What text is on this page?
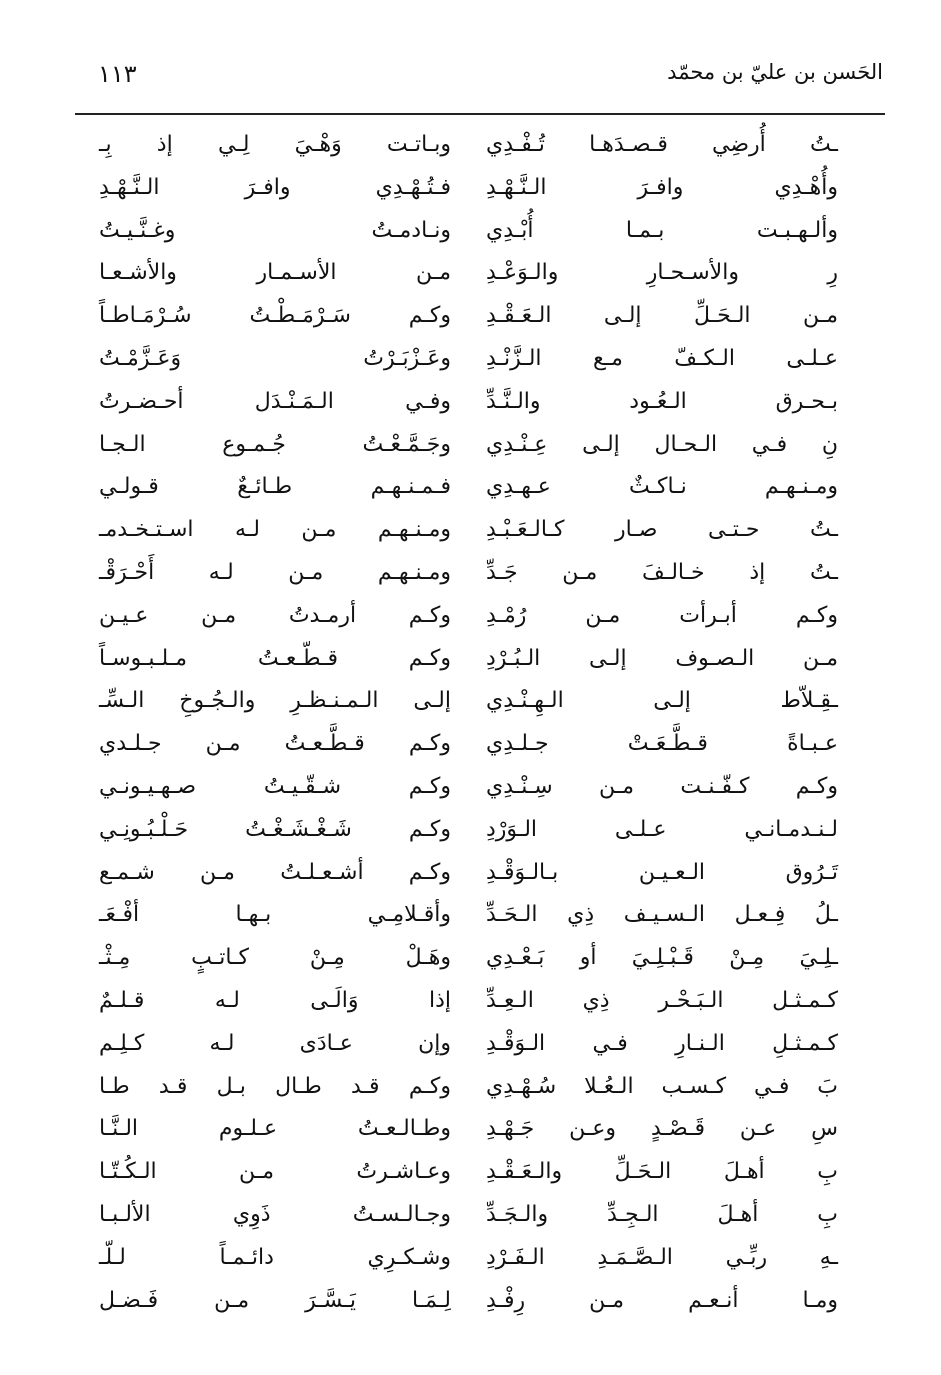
١١٣	الحَسن بن عليّ بن محمّد
وبـاتـت وَهْـيَ لِـي إذ بِـ ـتُ أُرضِي قـصـدَهـا تُـفْـدِي
فـتُـهْـدِي وافـرَ الـنَّـهْـدِ وأُهْـدِي وافـرَ الـنَّـهْـدِ
ونـادمـتُ وغـنَّـيـتُ وألـهـبـت بـمـا أُبْـدِي
مـن الأسـمـار والأشـعـا رِ والأسـحـارِ والـوَعْـدِ
وكـم سَـرْمَـطْـتُ سُـرْمَـاطـاً مـن الـحَـلِّ إلـى الـعَـقْـدِ
وعَـزْبَـرْتُ وَعَـزَّمْـتُ عـلـى الـكـفّ مـع الـزَّنْـدِ
وفـي الـمَـنْـدَل أحـضـرتُ بـحـرق الـعُـود والـنَّـدِّ
وجَـمَّـعْـتُ جُـمـوع الـجـا نِ فـي الـحـال إلـى عِـنْـدِي
فـمـنـهـم طـائـعٌ قـولـي ومـنـهـم نـاكـثٌ عـهـدِي
ومـنـهـم مـن لـه اسـتـخـدمـ ـتُ حـتـى صـار كـالـعَـبْـدِ
ومـنـهـم مـن لـه أَحْـرَقْـ ـتُ إذ خـالـفَ مـن جَـدِّ
وكـم أرمـدتُ مـن عـيـن وكـم أبـرأت مـن رُمْـدِ
وكـم قـطّـعـتُ مـلـبـوسـاً مـن الـصـوف إلـى الـبُـرْدِ
إلـى الـمـنـظـرِ والـجُـوخِ الـسِّـ ـقِـلاّط إلـى الـهِـنْـدِي
وكـم قـطَّـعـتُ مـن جـلـدي عـبـاةً قـطَّـعَـتْ جـلـدِي
وكـم شـقّـيـتُ صـهـيـونـي وكـم كـفّـنـت مـن سِـنْـدِي
وكـم شَـغْـشَـغْـتُ حَـلْـبُـونِـي لـنـدمـانـي عـلـى الـوَرْدِ
وكـم أشـعـلـتُ مـن شـمـع تَـرُوق الـعـيـن بـالـوَقْـدِ
وأقـلامِـي بـهـا أفْـعَـ ـلُ فِـعـل الـسـيـف ذِي الـحَـدِّ
وهَـلْ مِـنْ كـاتـبٍ مِـثْـ ـلِـيَ مِـنْ قَـبْـلِـيَ أو بَـعْـدِي
إذا وَالَـى لـه قـلـمٌ كـمـثـل الـبَـحْـر ذِي الـعِـدِّ
وإن عـادَى لـه كـلِـم كـمـثـلِ الـنـارِ فـي الـوَقْـدِ
وكـم قـد طـال بـل قـد طـا بَ فـي كـسـب الـعُـلا سُـهْـدِي
وطـالـعـتُ عـلـوم الـنَّـا سِ عـن قَـصْـدٍ وعـن جَـهْـدِ
وعـاشـرتُ مـن الـكُـتّـا بِ أهـلَ الـحَـلِّ والـعَـقْـدِ
وجـالـسـتُ ذَوِي الألـبـا بِ أهـلَ الـجِـدِّ والـجَـدِّ
وشـكـرِي دائـمـاً لـلّـ ـهِ ربِّـي الـصَّـمَـدِ الـفَـرْدِ
لِـمَـا يَـسَّـرَ مـن فَـضـل ومـا أنـعـم مـن رِفْـدِ
